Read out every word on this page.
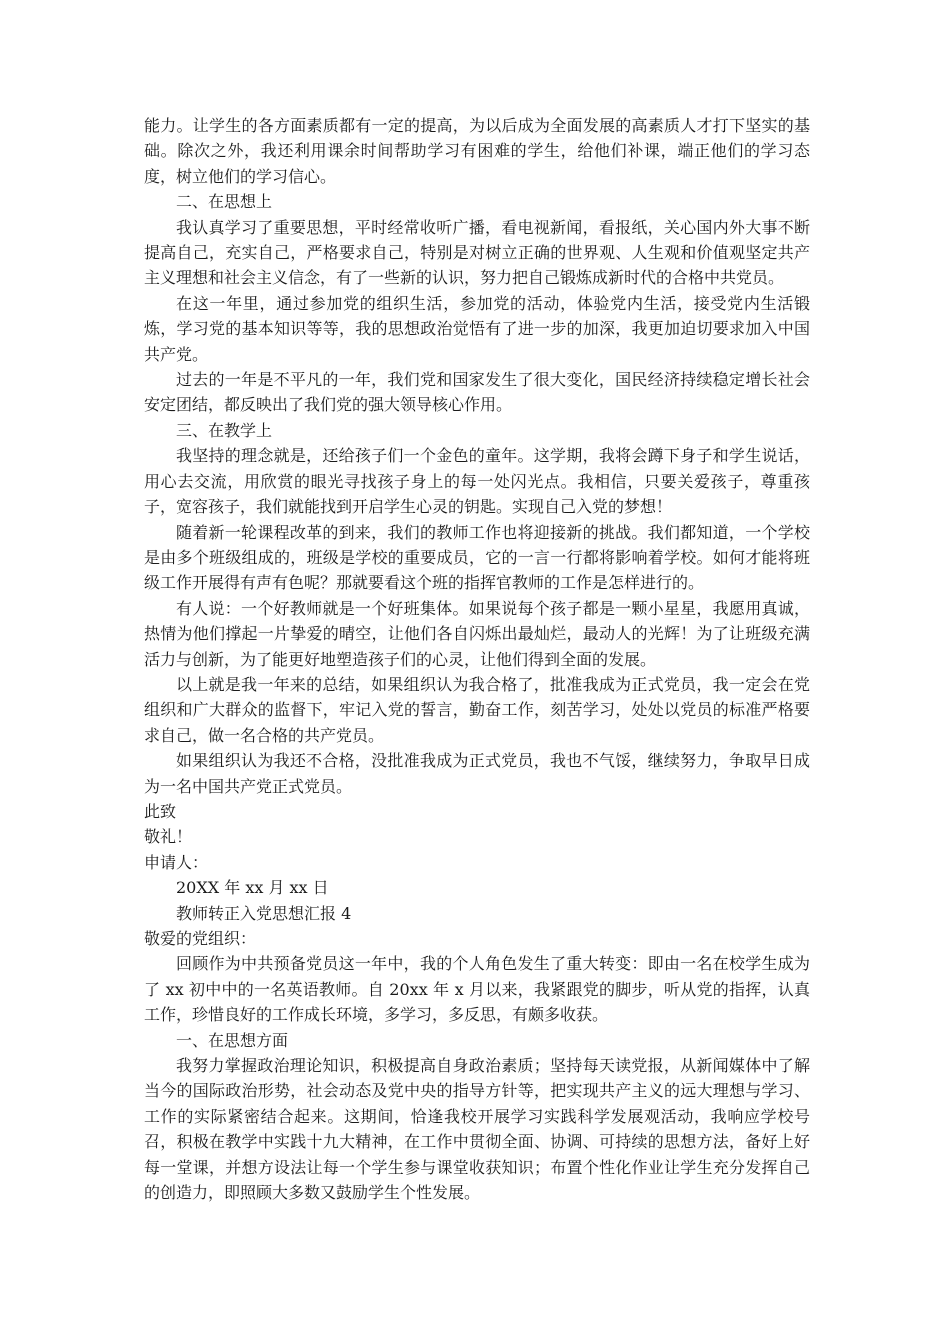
能力。让学生的各方面素质都有一定的提高，为以后成为全面发展的高素质人才打下坚实的基础。除次之外，我还利用课余时间帮助学习有困难的学生，给他们补课，端正他们的学习态度，树立他们的学习信心。

二、在思想上

我认真学习了重要思想，平时经常收听广播，看电视新闻，看报纸，关心国内外大事不断提高自己，充实自己，严格要求自己，特别是对树立正确的世界观、人生观和价值观坚定共产主义理想和社会主义信念，有了一些新的认识，努力把自己锻炼成新时代的合格中共党员。

在这一年里，通过参加党的组织生活，参加党的活动，体验党内生活，接受党内生活锻炼，学习党的基本知识等等，我的思想政治觉悟有了进一步的加深，我更加迫切要求加入中国共产党。

过去的一年是不平凡的一年，我们党和国家发生了很大变化，国民经济持续稳定增长社会安定团结，都反映出了我们党的强大领导核心作用。

三、在教学上

我坚持的理念就是，还给孩子们一个金色的童年。这学期，我将会蹲下身子和学生说话，用心去交流，用欣赏的眼光寻找孩子身上的每一处闪光点。我相信，只要关爱孩子，尊重孩子，宽容孩子，我们就能找到开启学生心灵的钥匙。实现自己入党的梦想！

随着新一轮课程改革的到来，我们的教师工作也将迎接新的挑战。我们都知道，一个学校是由多个班级组成的，班级是学校的重要成员，它的一言一行都将影响着学校。如何才能将班级工作开展得有声有色呢？那就要看这个班的指挥官教师的工作是怎样进行的。

有人说：一个好教师就是一个好班集体。如果说每个孩子都是一颗小星星，我愿用真诚，热情为他们撑起一片挚爱的晴空，让他们各自闪烁出最灿烂，最动人的光辉！为了让班级充满活力与创新，为了能更好地塑造孩子们的心灵，让他们得到全面的发展。

以上就是我一年来的总结，如果组织认为我合格了，批准我成为正式党员，我一定会在党组织和广大群众的监督下，牢记入党的誓言，勤奋工作，刻苦学习，处处以党员的标准严格要求自己，做一名合格的共产党员。

如果组织认为我还不合格，没批准我成为正式党员，我也不气馁，继续努力，争取早日成为一名中国共产党正式党员。

此致

敬礼！

申请人：

20XX 年 xx 月 xx 日

教师转正入党思想汇报 4

敬爱的党组织：

回顾作为中共预备党员这一年中，我的个人角色发生了重大转变：即由一名在校学生成为了 xx 初中中的一名英语教师。自 20xx 年 x 月以来，我紧跟党的脚步，听从党的指挥，认真工作，珍惜良好的工作成长环境，多学习，多反思，有颇多收获。

一、在思想方面

我努力掌握政治理论知识，积极提高自身政治素质；坚持每天读党报，从新闻媒体中了解当今的国际政治形势，社会动态及党中央的指导方针等，把实现共产主义的远大理想与学习、工作的实际紧密结合起来。这期间，恰逢我校开展学习实践科学发展观活动，我响应学校号召，积极在教学中实践十九大精神，在工作中贯彻全面、协调、可持续的思想方法，备好上好每一堂课，并想方设法让每一个学生参与课堂收获知识；布置个性化作业让学生充分发挥自己的创造力，即照顾大多数又鼓励学生个性发展。
